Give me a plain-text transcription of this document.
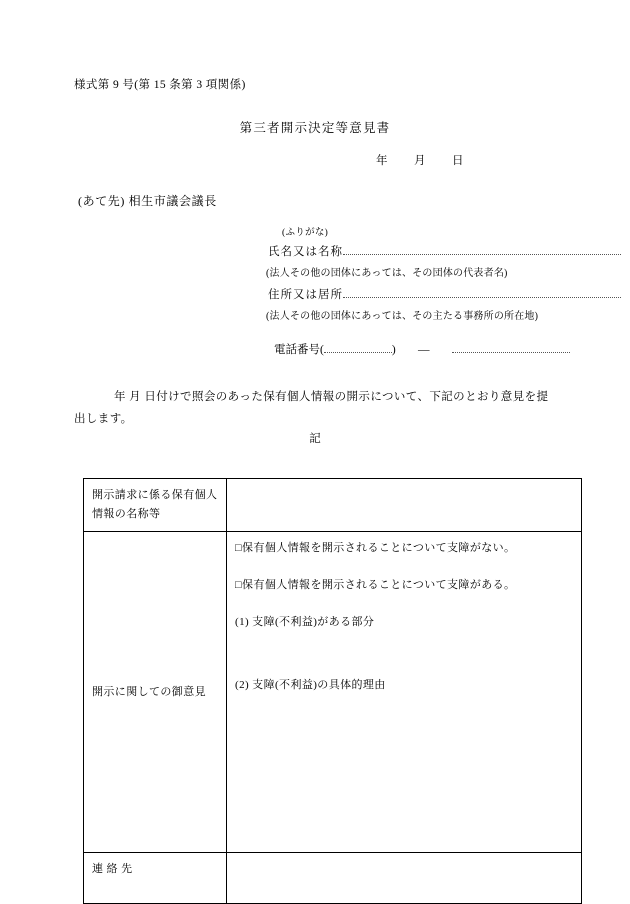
様式第 9 号(第 15 条第 3 項関係)
第三者開示決定等意見書
年 月 日
(あて先) 相生市議会議長
(ふりがな)
氏名又は名称
(法人その他の団体にあっては、その団体の代表者名)
住所又は居所
(法人その他の団体にあっては、その主たる事務所の所在地)
電話番号(	) —
年 月 日付けで照会のあった保有個人情報の開示について、下記のとおり意見を提出します。
記
開示請求に係る保有個人情報の名称等	
開示に関しての御意見	□保有個人情報を開示されることについて支障がない。

□保有個人情報を開示されることについて支障がある。

(1) 支障(不利益)がある部分

(2) 支障(不利益)の具体的理由

連 絡 先	
